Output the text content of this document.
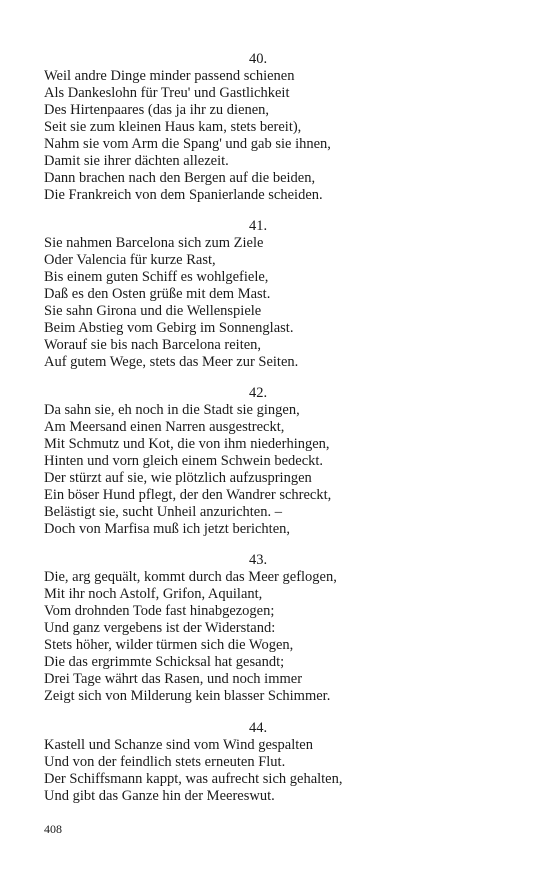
40.

Weil andre Dinge minder passend schienen

Als Dankeslohn für Treu' und Gastlichkeit

Des Hirtenpaares (das ja ihr zu dienen,

Seit sie zum kleinen Haus kam, stets bereit),

Nahm sie vom Arm die Spang' und gab sie ihnen,

Damit sie ihrer dächten allezeit.

Dann brachen nach den Bergen auf die beiden,

Die Frankreich von dem Spanierlande scheiden.

41.

Sie nahmen Barcelona sich zum Ziele

Oder Valencia für kurze Rast,

Bis einem guten Schiff es wohlgefiele,

Daß es den Osten grüße mit dem Mast.

Sie sahn Girona und die Wellenspiele

Beim Abstieg vom Gebirg im Sonnenglast.

Worauf sie bis nach Barcelona reiten,

Auf gutem Wege, stets das Meer zur Seiten.

42.

Da sahn sie, eh noch in die Stadt sie gingen,

Am Meersand einen Narren ausgestreckt,

Mit Schmutz und Kot, die von ihm niederhingen,

Hinten und vorn gleich einem Schwein bedeckt.

Der stürzt auf sie, wie plötzlich aufzuspringen

Ein böser Hund pflegt, der den Wandrer schreckt,

Belästigt sie, sucht Unheil anzurichten. –

Doch von Marfisa muß ich jetzt berichten,

43.

Die, arg gequält, kommt durch das Meer geflogen,

Mit ihr noch Astolf, Grifon, Aquilant,

Vom drohnden Tode fast hinabgezogen;

Und ganz vergebens ist der Widerstand:

Stets höher, wilder türmen sich die Wogen,

Die das ergrimmte Schicksal hat gesandt;

Drei Tage währt das Rasen, und noch immer

Zeigt sich von Milderung kein blasser Schimmer.

44.

Kastell und Schanze sind vom Wind gespalten

Und von der feindlich stets erneuten Flut.

Der Schiffsmann kappt, was aufrecht sich gehalten,

Und gibt das Ganze hin der Meereswut.

408
